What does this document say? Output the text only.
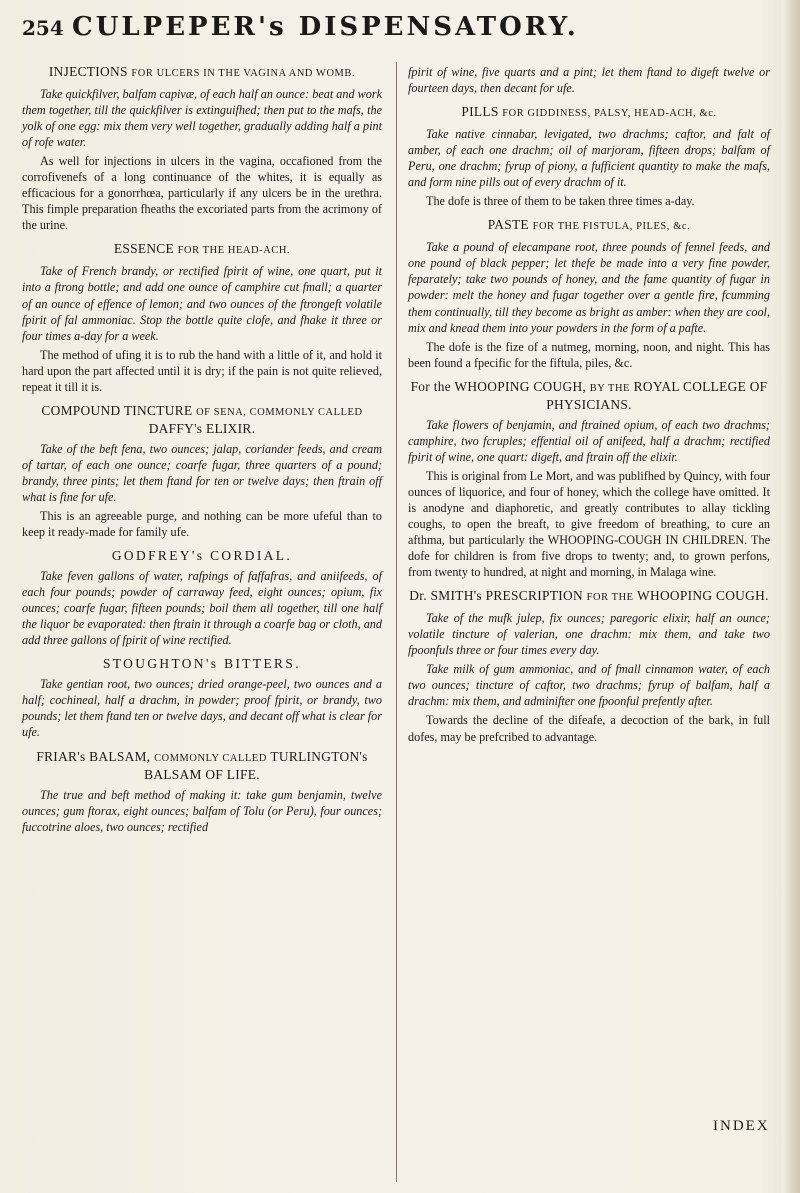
254 CULPEPER's DISPENSATORY.
INJECTIONS FOR ULCERS IN THE VAGINA AND WOMB.

Take quickfilver, balfam capivæ, of each half an ounce: beat and work them together, till the quickfilver is extinguifhed; then put to the mafs, the yolk of one egg: mix them very well together, gradually adding half a pint of rofe water.

As well for injections in ulcers in the vagina, occafioned from the corrofivenefs of a long continuance of the whites, it is equally as efficacious for a gonorrhœa, particularly if any ulcers be in the urethra. This fimple preparation fheaths the excoriated parts from the acrimony of the urine.

ESSENCE FOR THE HEAD-ACH.

Take of French brandy, or rectified fpirit of wine, one quart, put it into a ftrong bottle; and add one ounce of camphire cut fmall; a quarter of an ounce of effence of lemon; and two ounces of the ftrongeft volatile fpirit of fal ammoniac. Stop the bottle quite clofe, and fhake it three or four times a-day for a week.

The method of ufing it is to rub the hand with a little of it, and hold it hard upon the part affected until it is dry; if the pain is not quite relieved, repeat it till it is.

COMPOUND TINCTURE OF SENA, COMMONLY CALLED DAFFY's ELIXIR.

Take of the beft fena, two ounces; jalap, coriander feeds, and cream of tartar, of each one ounce; coarfe fugar, three quarters of a pound; brandy, three pints; let them ftand for ten or twelve days; then ftrain off what is fine for ufe.

This is an agreeable purge, and nothing can be more ufeful than to keep it ready-made for family ufe.

GODFREY's CORDIAL.

Take feven gallons of water, rafpings of faffafras, and aniifeeds, of each four pounds; powder of carraway feed, eight ounces; opium, fix ounces; coarfe fugar, fifteen pounds; boil them all together, till one half the liquor be evaporated: then ftrain it through a coarfe bag or cloth, and add three gallons of fpirit of wine rectified.

STOUGHTON's BITTERS.

Take gentian root, two ounces; dried orange-peel, two ounces and a half; cochineal, half a drachm, in powder; proof fpirit, or brandy, two pounds; let them ftand ten or twelve days, and decant off what is clear for ufe.

FRIAR's BALSAM, COMMONLY CALLED TURLINGTON's BALSAM OF LIFE.

The true and beft method of making it: take gum benjamin, twelve ounces; gum ftorax, eight ounces; balfam of Tolu (or Peru), four ounces; fuccotrine aloes, two ounces; rectified

fpirit of wine, five quarts and a pint; let them ftand to digeft twelve or fourteen days, then decant for ufe.

PILLS FOR GIDDINESS, PALSY, HEAD-ACH, &c.

Take native cinnabar, levigated, two drachms; caftor, and falt of amber, of each one drachm; oil of marjoram, fifteen drops; balfam of Peru, one drachm; fyrup of piony, a fufficient quantity to make the mafs, and form nine pills out of every drachm of it.

The dofe is three of them to be taken three times a-day.

PASTE FOR THE FISTULA, PILES, &c.

Take a pound of elecampane root, three pounds of fennel feeds, and one pound of black pepper; let thefe be made into a very fine powder, feparately; take two pounds of honey, and the fame quantity of fugar in powder: melt the honey and fugar together over a gentle fire, fcumming them continually, till they become as bright as amber: when they are cool, mix and knead them into your powders in the form of a pafte.

The dofe is the fize of a nutmeg, morning, noon, and night. This has been found a fpecific for the fiftula, piles, &c.

For the WHOOPING COUGH, BY THE ROYAL COLLEGE OF PHYSICIANS.

Take flowers of benjamin, and ftrained opium, of each two drachms; camphire, two fcruples; effential oil of anifeed, half a drachm; rectified fpirit of wine, one quart: digeft, and ftrain off the elixir.

This is original from Le Mort, and was publifhed by Quincy, with four ounces of liquorice, and four of honey, which the college have omitted. It is anodyne and diaphoretic, and greatly contributes to allay tickling coughs, to open the breaft, to give freedom of breathing, to cure an afthma, but particularly the WHOOPING-COUGH IN CHILDREN. The dofe for children is from five drops to twenty; and, to grown perfons, from twenty to hundred, at night and morning, in Malaga wine.

Dr. SMITH's PRESCRIPTION FOR THE WHOOPING COUGH.

Take of the mufk julep, fix ounces; paregoric elixir, half an ounce; volatile tincture of valerian, one drachm: mix them, and take two fpoonfuls three or four times every day.

Take milk of gum ammoniac, and of fmall cinnamon water, of each two ounces; tincture of caftor, two drachms; fyrup of balfam, half a drachm: mix them, and adminifter one fpoonful prefently after.

Towards the decline of the difeafe, a decoction of the bark, in full dofes, may be prefcribed to advantage.

INDEX
